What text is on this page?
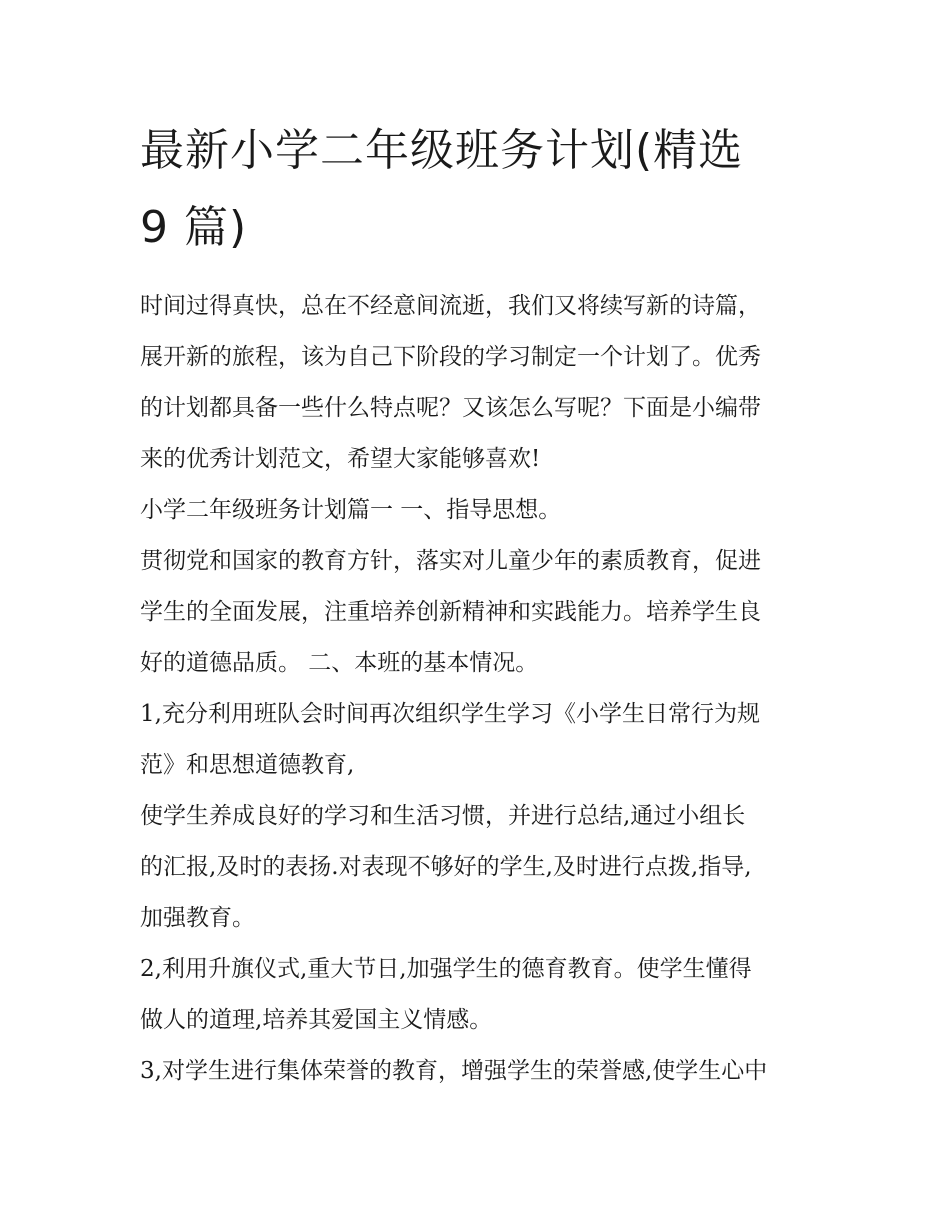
最新小学二年级班务计划(精选
9 篇)

时间过得真快，总在不经意间流逝，我们又将续写新的诗篇，
展开新的旅程，该为自己下阶段的学习制定一个计划了。优秀
的计划都具备一些什么特点呢？又该怎么写呢？下面是小编带
来的优秀计划范文，希望大家能够喜欢!

小学二年级班务计划篇一 一、指导思想。

贯彻党和国家的教育方针，落实对儿童少年的素质教育，促进
学生的全面发展，注重培养创新精神和实践能力。培养学生良
好的道德品质。 二、本班的基本情况。

1,充分利用班队会时间再次组织学生学习《小学生日常行为规
范》和思想道德教育,

使学生养成良好的学习和生活习惯，并进行总结,通过小组长
的汇报,及时的表扬.对表现不够好的学生,及时进行点拨,指导,
加强教育。

2,利用升旗仪式,重大节日,加强学生的德育教育。使学生懂得
做人的道理,培养其爱国主义情感。

3,对学生进行集体荣誉的教育，增强学生的荣誉感,使学生心中
